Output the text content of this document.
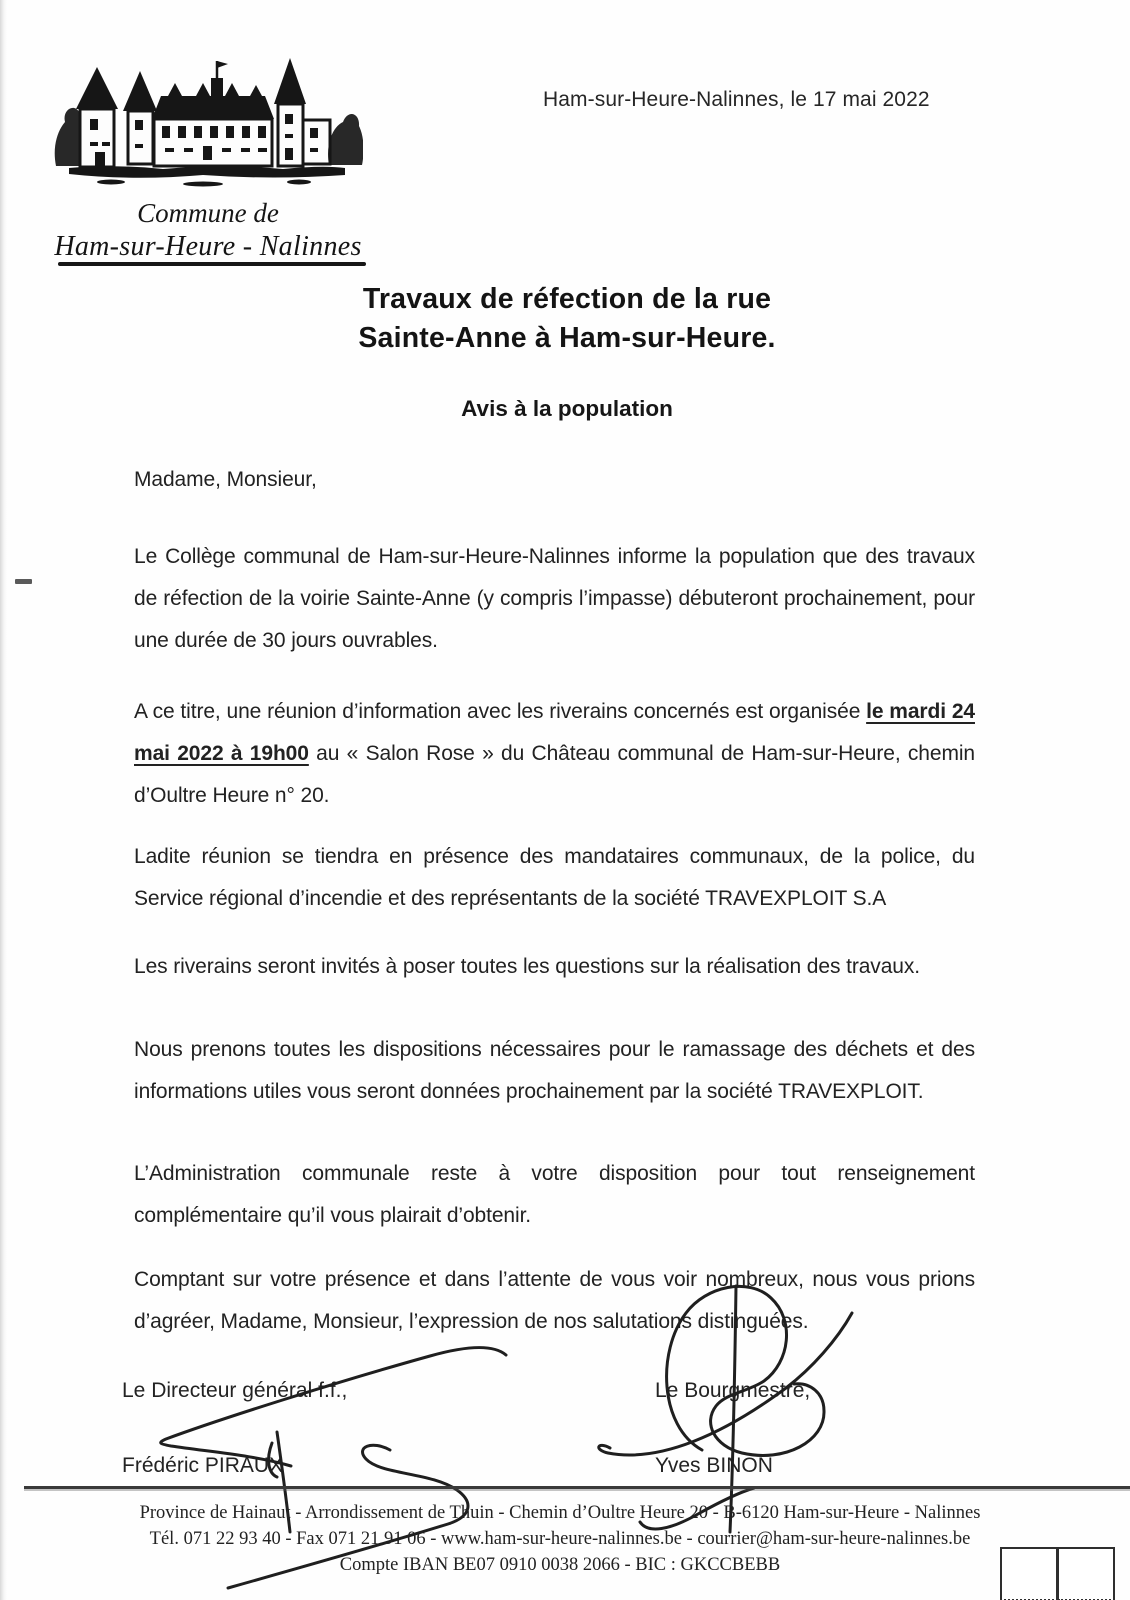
Commune de
Ham-sur-Heure - Nalinnes
Ham-sur-Heure-Nalinnes, le 17 mai 2022
Travaux de réfection de la rue
Sainte-Anne à Ham-sur-Heure.
Avis à la population
Madame, Monsieur,
Le Collège communal de Ham-sur-Heure-Nalinnes informe la population que des travaux de réfection de la voirie Sainte-Anne (y compris l’impasse) débuteront prochainement, pour une durée de 30 jours ouvrables.
A ce titre, une réunion d’information avec les riverains concernés est organisée le mardi 24 mai 2022 à 19h00 au « Salon Rose » du Château communal de Ham-sur-Heure, chemin d’Oultre Heure n° 20.
Ladite réunion se tiendra en présence des mandataires communaux, de la police, du Service régional d’incendie et des représentants de la société TRAVEXPLOIT S.A
Les riverains seront invités à poser toutes les questions sur la réalisation des travaux.
Nous prenons toutes les dispositions nécessaires pour le ramassage des déchets et des informations utiles vous seront données prochainement par la société TRAVEXPLOIT.
L’Administration communale reste à votre disposition pour tout renseignement complémentaire qu’il vous plairait d’obtenir.
Comptant sur votre présence et dans l’attente de vous voir nombreux, nous vous prions d’agréer, Madame, Monsieur, l’expression de nos salutations distinguées.
Le Directeur général f.f.,	Le Bourgmestre,
Frédéric PIRAUX	Yves BINON
Province de Hainaut - Arrondissement de Thuin - Chemin d’Oultre Heure 20 - B-6120 Ham-sur-Heure - Nalinnes
Tél. 071 22 93 40 - Fax 071 21 91 06 - www.ham-sur-heure-nalinnes.be - courrier@ham-sur-heure-nalinnes.be
Compte IBAN BE07 0910 0038 2066 - BIC : GKCCBEBB
